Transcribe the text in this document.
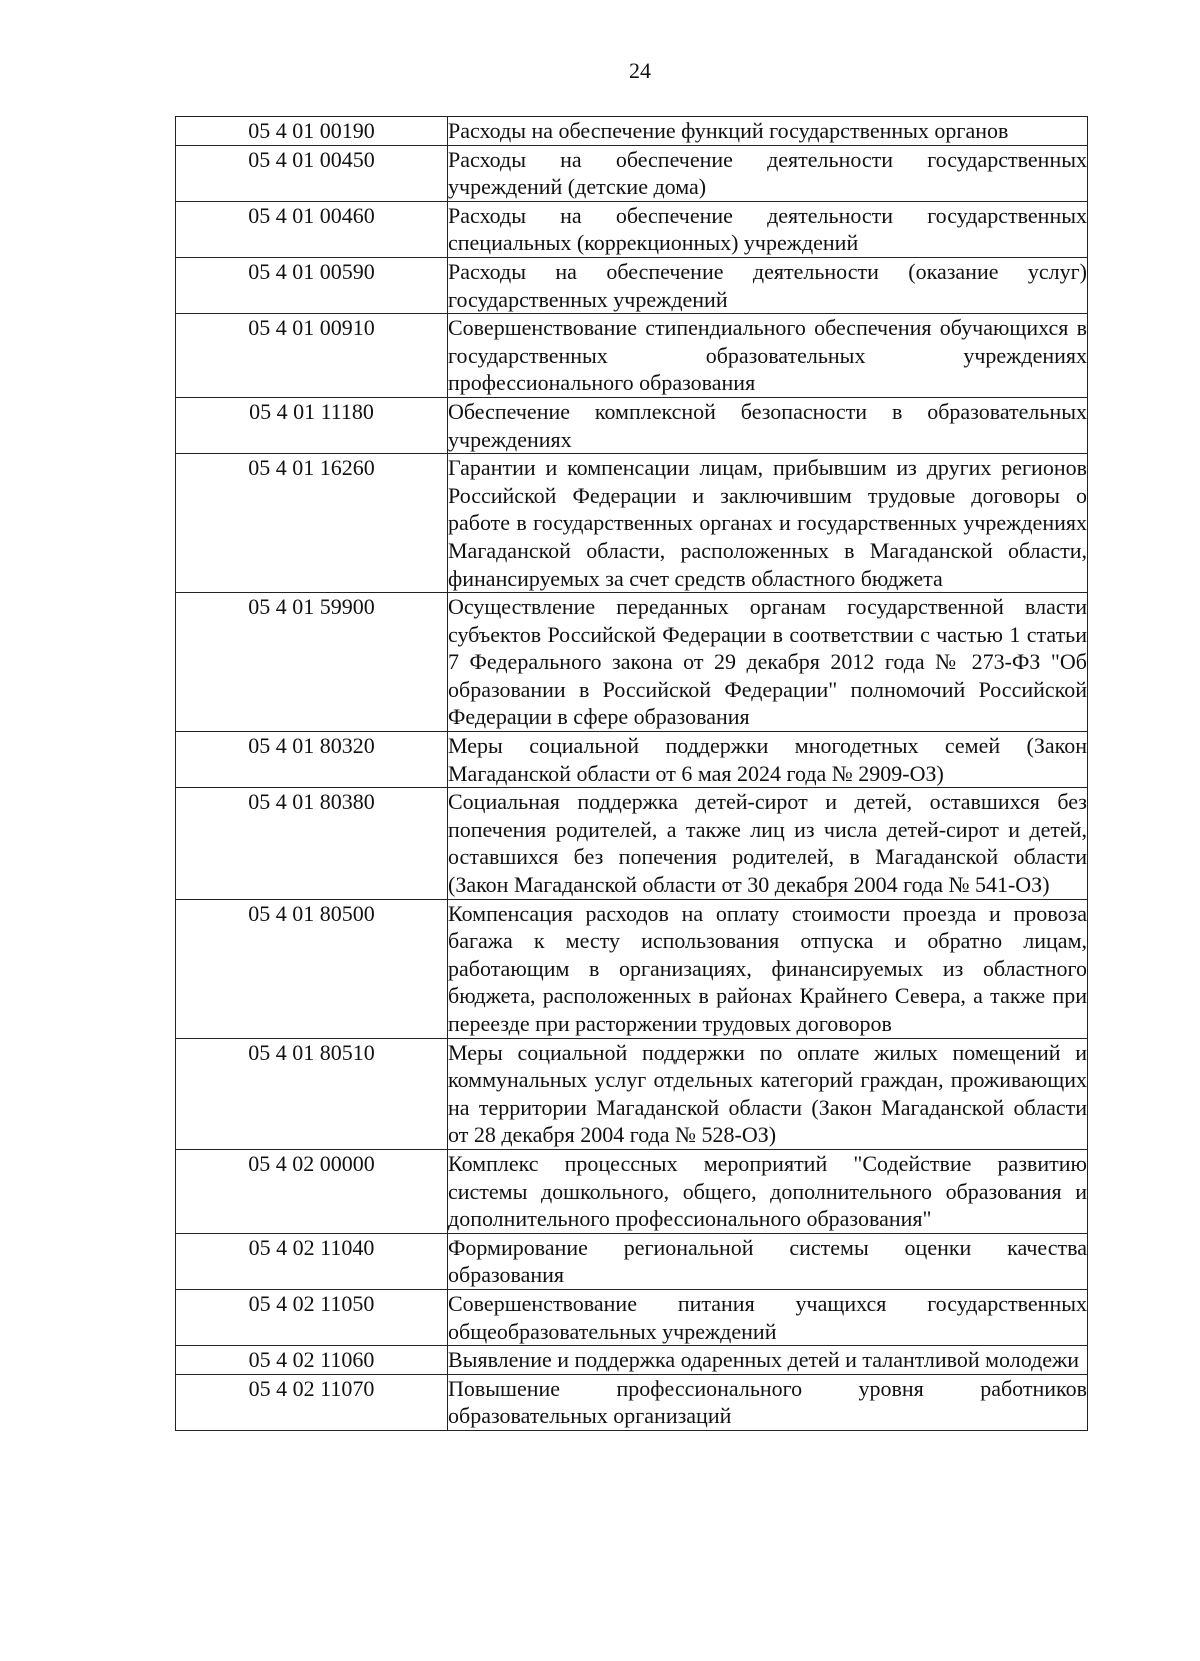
24
05 4 01 00190	Расходы на обеспечение функций государственных органов
05 4 01 00450	Расходы на обеспечение деятельности государственных учреждений (детские дома)
05 4 01 00460	Расходы на обеспечение деятельности государственных специальных (коррекционных) учреждений
05 4 01 00590	Расходы на обеспечение деятельности (оказание услуг) государственных учреждений
05 4 01 00910	Совершенствование стипендиального обеспечения обучающихся в государственных образовательных учреждениях профессионального образования
05 4 01 11180	Обеспечение комплексной безопасности в образовательных учреждениях
05 4 01 16260	Гарантии и компенсации лицам, прибывшим из других регионов Российской Федерации и заключившим трудовые договоры о работе в государственных органах и государственных учреждениях Магаданской области, расположенных в Магаданской области, финансируемых за счет средств областного бюджета
05 4 01 59900	Осуществление переданных органам государственной власти субъектов Российской Федерации в соответствии с частью 1 статьи 7 Федерального закона от 29 декабря 2012 года № 273-ФЗ "Об образовании в Российской Федерации" полномочий Российской Федерации в сфере образования
05 4 01 80320	Меры социальной поддержки многодетных семей (Закон Магаданской области от 6 мая 2024 года № 2909-ОЗ)
05 4 01 80380	Социальная поддержка детей-сирот и детей, оставшихся без попечения родителей, а также лиц из числа детей-сирот и детей, оставшихся без попечения родителей, в Магаданской области (Закон Магаданской области от 30 декабря 2004 года № 541-ОЗ)
05 4 01 80500	Компенсация расходов на оплату стоимости проезда и провоза багажа к месту использования отпуска и обратно лицам, работающим в организациях, финансируемых из областного бюджета, расположенных в районах Крайнего Севера, а также при переезде при расторжении трудовых договоров
05 4 01 80510	Меры социальной поддержки по оплате жилых помещений и коммунальных услуг отдельных категорий граждан, проживающих на территории Магаданской области (Закон Магаданской области от 28 декабря 2004 года № 528-ОЗ)
05 4 02 00000	Комплекс процессных мероприятий "Содействие развитию системы дошкольного, общего, дополнительного образования и дополнительного профессионального образования"
05 4 02 11040	Формирование региональной системы оценки качества образования
05 4 02 11050	Совершенствование питания учащихся государственных общеобразовательных учреждений
05 4 02 11060	Выявление и поддержка одаренных детей и талантливой молодежи
05 4 02 11070	Повышение профессионального уровня работников образовательных организаций
